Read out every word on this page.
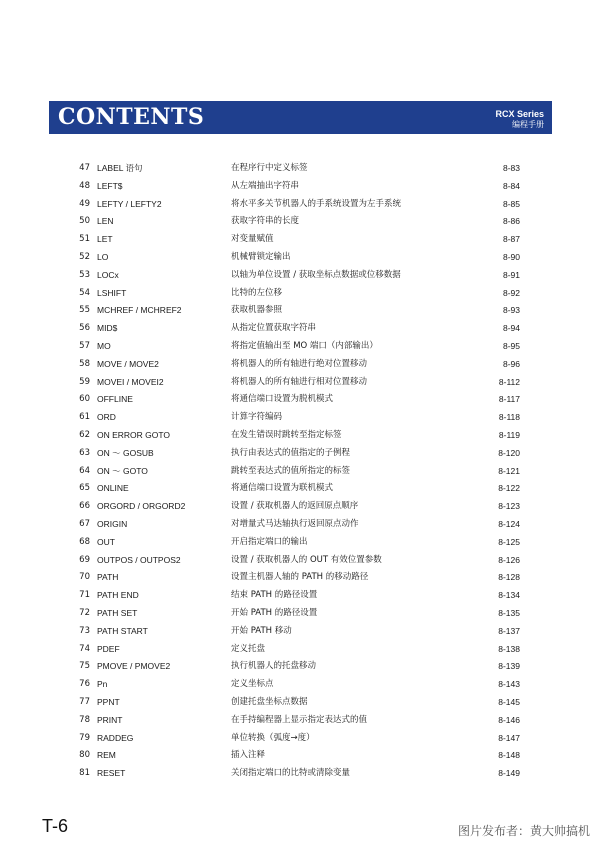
CONTENTS	RCX Series
编程手册
47 LABEL 语句	在程序行中定义标签	8-83
48 LEFT$	从左端抽出字符串	8-84
49 LEFTY / LEFTY2	将水平多关节机器人的手系统设置为左手系统	8-85
50 LEN	获取字符串的长度	8-86
51 LET	对变量赋值	8-87
52 LO	机械臂锁定输出	8-90
53 LOCx	以轴为单位设置 / 获取坐标点数据或位移数据	8-91
54 LSHIFT	比特的左位移	8-92
55 MCHREF / MCHREF2	获取机器参照	8-93
56 MID$	从指定位置获取字符串	8-94
57 MO	将指定值输出至 MO 端口（内部输出）	8-95
58 MOVE / MOVE2	将机器人的所有轴进行绝对位置移动	8-96
59 MOVEI / MOVEI2	将机器人的所有轴进行相对位置移动	8-112
60 OFFLINE	将通信端口设置为脱机模式	8-117
61 ORD	计算字符编码	8-118
62 ON ERROR GOTO	在发生错误时跳转至指定标签	8-119
63 ON ～ GOSUB	执行由表达式的值指定的子例程	8-120
64 ON ～ GOTO	跳转至表达式的值所指定的标签	8-121
65 ONLINE	将通信端口设置为联机模式	8-122
66 ORGORD / ORGORD2	设置 / 获取机器人的返回原点顺序	8-123
67 ORIGIN	对增量式马达轴执行返回原点动作	8-124
68 OUT	开启指定端口的输出	8-125
69 OUTPOS / OUTPOS2	设置 / 获取机器人的 OUT 有效位置参数	8-126
70 PATH	设置主机器人轴的 PATH 的移动路径	8-128
71 PATH END	结束 PATH 的路径设置	8-134
72 PATH SET	开始 PATH 的路径设置	8-135
73 PATH START	开始 PATH 移动	8-137
74 PDEF	定义托盘	8-138
75 PMOVE / PMOVE2	执行机器人的托盘移动	8-139
76 Pn	定义坐标点	8-143
77 PPNT	创建托盘坐标点数据	8-145
78 PRINT	在手持编程器上显示指定表达式的值	8-146
79 RADDEG	单位转换（弧度→度）	8-147
80 REM	插入注释	8-148
81 RESET	关闭指定端口的比特或清除变量	8-149
T-6	图片发布者：黄大帅搞机
